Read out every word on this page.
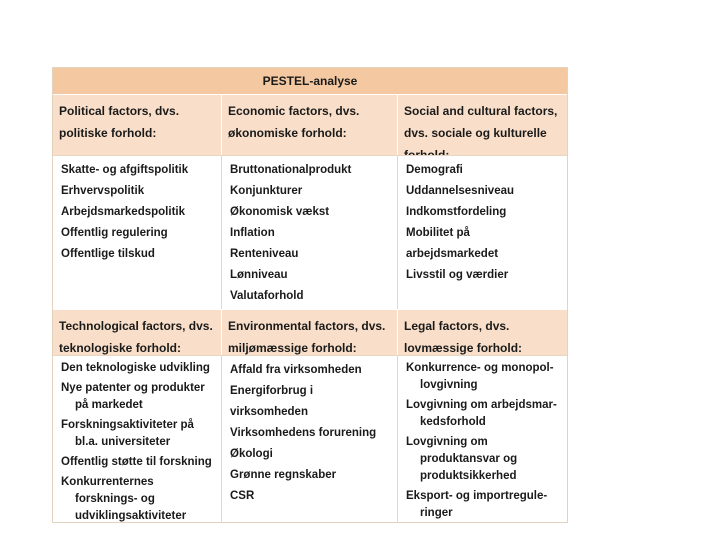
PESTEL-analyse
Political factors, dvs. politiske forhold:
Economic factors, dvs. økonomiske forhold:
Social and cultural factors, dvs. sociale og kulturelle
Skatte- og afgiftspolitik
Erhvervspolitik
Arbejdsmarkedspolitik
Offentlig regulering
Offentlige tilskud
Bruttonationalprodukt
Konjunkturer
Økonomisk vækst
Inflation
Renteniveau
Lønniveau
Valutaforhold
Demografi
Uddannelsesniveau
Indkomstfordeling
Mobilitet på arbejdsmarkedet
Livsstil og værdier
Technological factors, dvs. teknologiske forhold:
Environmental factors, dvs. miljømæssige forhold:
Legal factors, dvs. lovmæssige forhold:
Den teknologiske udvikling
Nye patenter og produkter på markedet
Forskningsaktiviteter på bl.a. universiteter
Offentlig støtte til forskning
Konkurrenternes forsknings- og udviklingsaktiviteter
Affald fra virksomheden
Energiforbrug i virksomheden
Virksomhedens forurening
Økologi
Grønne regnskaber
CSR
Konkurrence- og monopol-lovgivning
Lovgivning om arbejdsmar-kedsforhold
Lovgivning om produktansvar og produktsikkerhed
Eksport- og importregule-ringer
